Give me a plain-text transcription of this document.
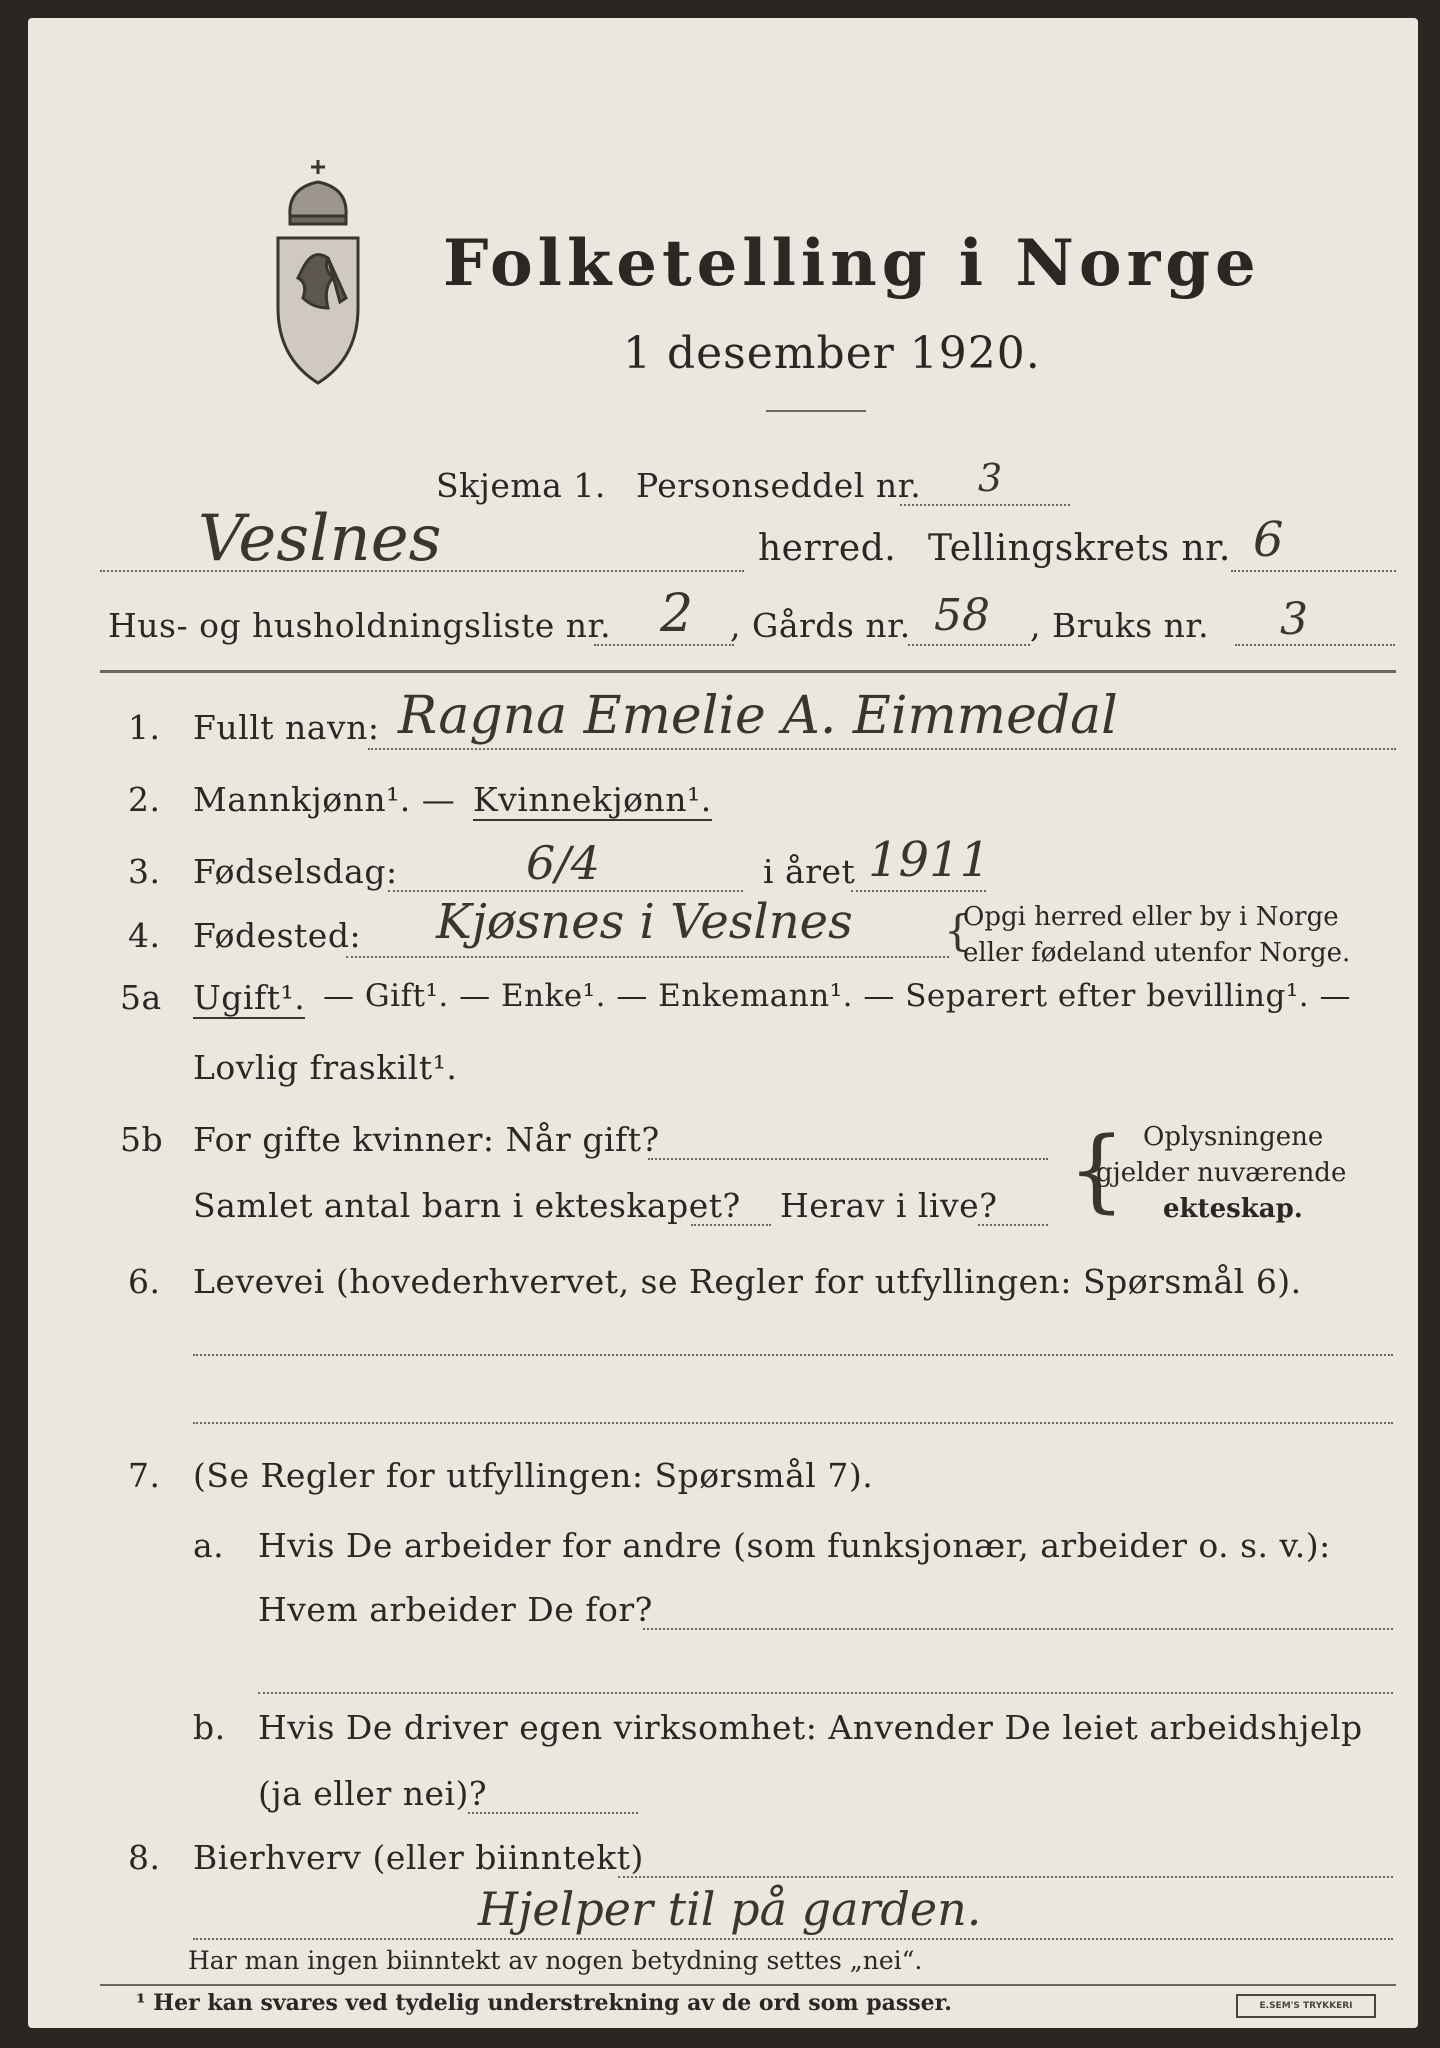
Folketelling i Norge
1 desember 1920.
Skjema 1. Personseddel nr. 3
Veslnes	herred. Tellingskrets nr. 6
Hus- og husholdningsliste nr. 2 , Gårds nr. 58 , Bruks nr. 3
1. Fullt navn: Ragna Emelie A. Eimmedal
2. Mannkjønn¹. — Kvinnekjønn¹.
3. Fødselsdag:	6/4	i året 1911
4. Fødested: Kjøsnes i Veslnes {
Opgi herred eller by i Norge
eller fødeland utenfor Norge.
5a Ugift¹. — Gift¹. — Enke¹. — Enkemann¹. — Separert efter bevilling¹. —
Lovlig fraskilt¹.
5b For gifte kvinner: Når gift?
Samlet antal barn i ekteskapet? Herav i live? { Oplysningene
gjelder nuværende
ekteskap.
6. Levevei (hovederhvervet, se Regler for utfyllingen: Spørsmål 6).
7. (Se Regler for utfyllingen: Spørsmål 7).
a. Hvis De arbeider for andre (som funksjonær, arbeider o. s. v.):
Hvem arbeider De for?
b. Hvis De driver egen virksomhet: Anvender De leiet arbeidshjelp
(ja eller nei)?
8. Bierhverv (eller biinntekt)
Hjelper til på garden.
Har man ingen biinntekt av nogen betydning settes „nei“.
¹ Her kan svares ved tydelig understrekning av de ord som passer.	E.SEM'S TRYKKERI
